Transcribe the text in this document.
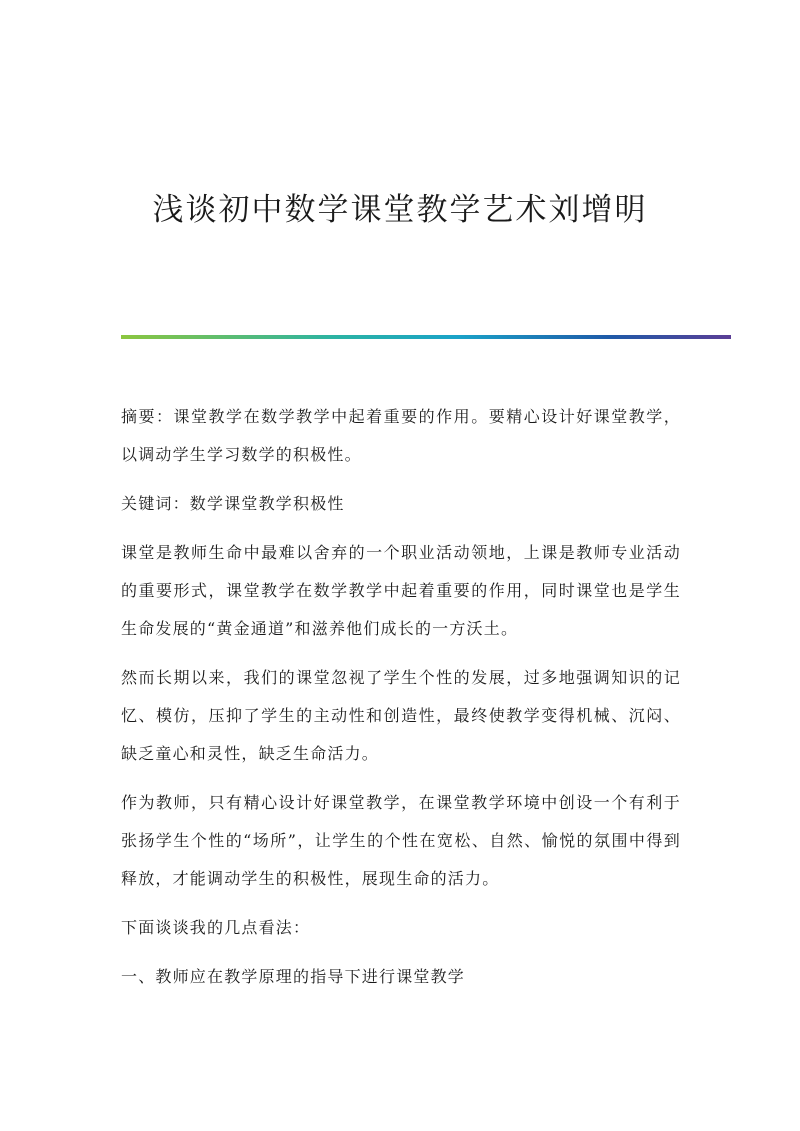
浅谈初中数学课堂教学艺术刘增明

摘要：课堂教学在数学教学中起着重要的作用。要精心设计好课堂教学，以调动学生学习数学的积极性。

关键词：数学课堂教学积极性

课堂是教师生命中最难以舍弃的一个职业活动领地，上课是教师专业活动的重要形式，课堂教学在数学教学中起着重要的作用，同时课堂也是学生生命发展的“黄金通道”和滋养他们成长的一方沃土。

然而长期以来，我们的课堂忽视了学生个性的发展，过多地强调知识的记忆、模仿，压抑了学生的主动性和创造性，最终使教学变得机械、沉闷、缺乏童心和灵性，缺乏生命活力。

作为教师，只有精心设计好课堂教学，在课堂教学环境中创设一个有利于张扬学生个性的“场所”，让学生的个性在宽松、自然、愉悦的氛围中得到释放，才能调动学生的积极性，展现生命的活力。

下面谈谈我的几点看法：

一、教师应在教学原理的指导下进行课堂教学
